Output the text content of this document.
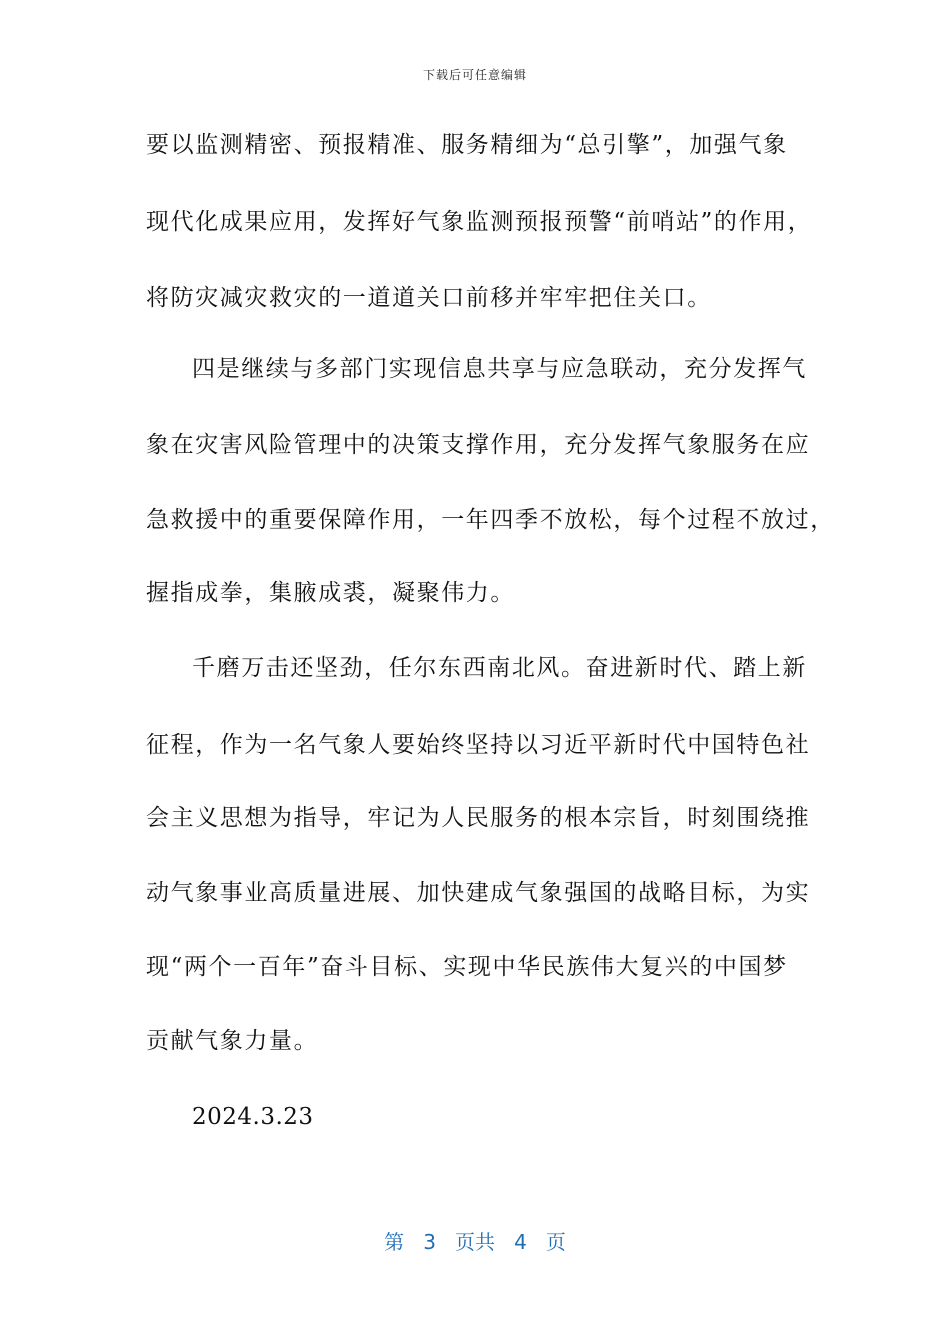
下载后可任意编辑
要以监测精密、预报精准、服务精细为“总引擎”，加强气象
现代化成果应用，发挥好气象监测预报预警“前哨站”的作用，
将防灾减灾救灾的一道道关口前移并牢牢把住关口。
四是继续与多部门实现信息共享与应急联动，充分发挥气
象在灾害风险管理中的决策支撑作用，充分发挥气象服务在应
急救援中的重要保障作用，一年四季不放松，每个过程不放过，
握指成拳，集腋成裘，凝聚伟力。
千磨万击还坚劲，任尔东西南北风。奋进新时代、踏上新
征程，作为一名气象人要始终坚持以习近平新时代中国特色社
会主义思想为指导，牢记为人民服务的根本宗旨，时刻围绕推
动气象事业高质量进展、加快建成气象强国的战略目标，为实
现“两个一百年”奋斗目标、实现中华民族伟大复兴的中国梦
贡献气象力量。
2024.3.23
第 3 页共 4 页
